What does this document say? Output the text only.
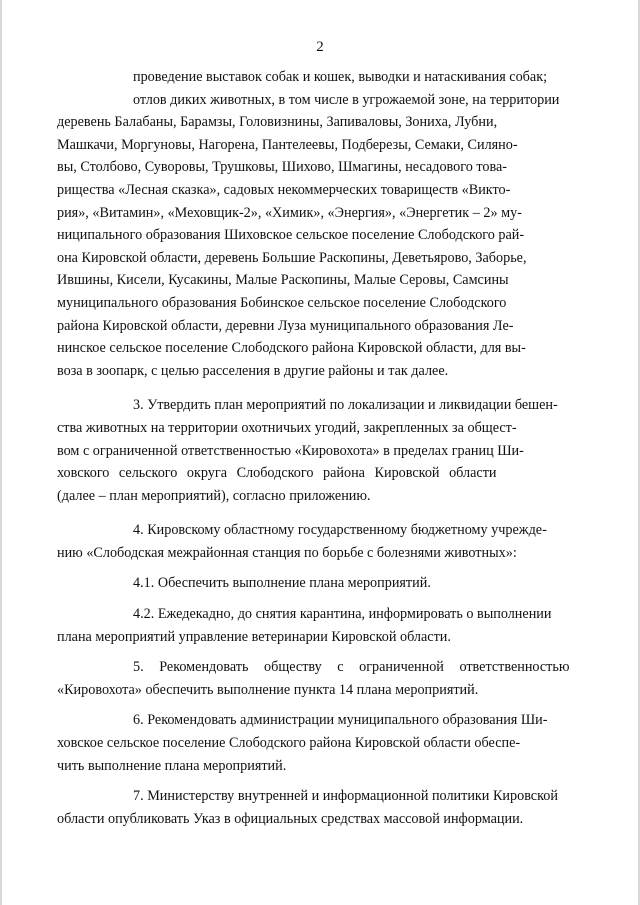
2

проведение выставок собак и кошек, выводки и натаскивания собак;

отлов диких животных, в том числе в угрожаемой зоне, на территории
деревень Балабаны, Барамзы, Головизнины, Запиваловы, Зониха, Лубни,
Машкачи, Моргуновы, Нагорена, Пантелеевы, Подберезы, Семаки, Силяно-
вы, Столбово, Суворовы, Трушковы, Шихово, Шмагины, несадового това-
рищества «Лесная сказка», садовых некоммерческих товариществ «Викто-
рия», «Витамин», «Меховщик-2», «Химик», «Энергия», «Энергетик – 2» му-
ниципального образования Шиховское сельское поселение Слободского рай-
она Кировской области, деревень Большие Раскопины, Деветьярово, Заборье,
Ившины, Кисели, Кусакины, Малые Раскопины, Малые Серовы, Самсины
муниципального образования Бобинское сельское поселение Слободского
района Кировской области, деревни Луза муниципального образования Ле-
нинское сельское поселение Слободского района Кировской области, для вы-
воза в зоопарк, с целью расселения в другие районы и так далее.

3. Утвердить план мероприятий по локализации и ликвидации бешен-
ства животных на территории охотничьих угодий, закрепленных за общест-
вом с ограниченной ответственностью «Кировохота» в пределах границ Ши-
ховского сельского округа Слободского района Кировской области
(далее – план мероприятий), согласно приложению.

4. Кировскому областному государственному бюджетному учрежде-
нию «Слободская межрайонная станция по борьбе с болезнями животных»:

4.1. Обеспечить выполнение плана мероприятий.

4.2. Ежедекадно, до снятия карантина, информировать о выполнении
плана мероприятий управление ветеринарии Кировской области.

5. Рекомендовать обществу с ограниченной ответственностью
«Кировохота» обеспечить выполнение пункта 14 плана мероприятий.

6. Рекомендовать администрации муниципального образования Ши-
ховское сельское поселение Слободского района Кировской области обеспе-
чить выполнение плана мероприятий.

7. Министерству внутренней и информационной политики Кировской
области опубликовать Указ в официальных средствах массовой информации.
